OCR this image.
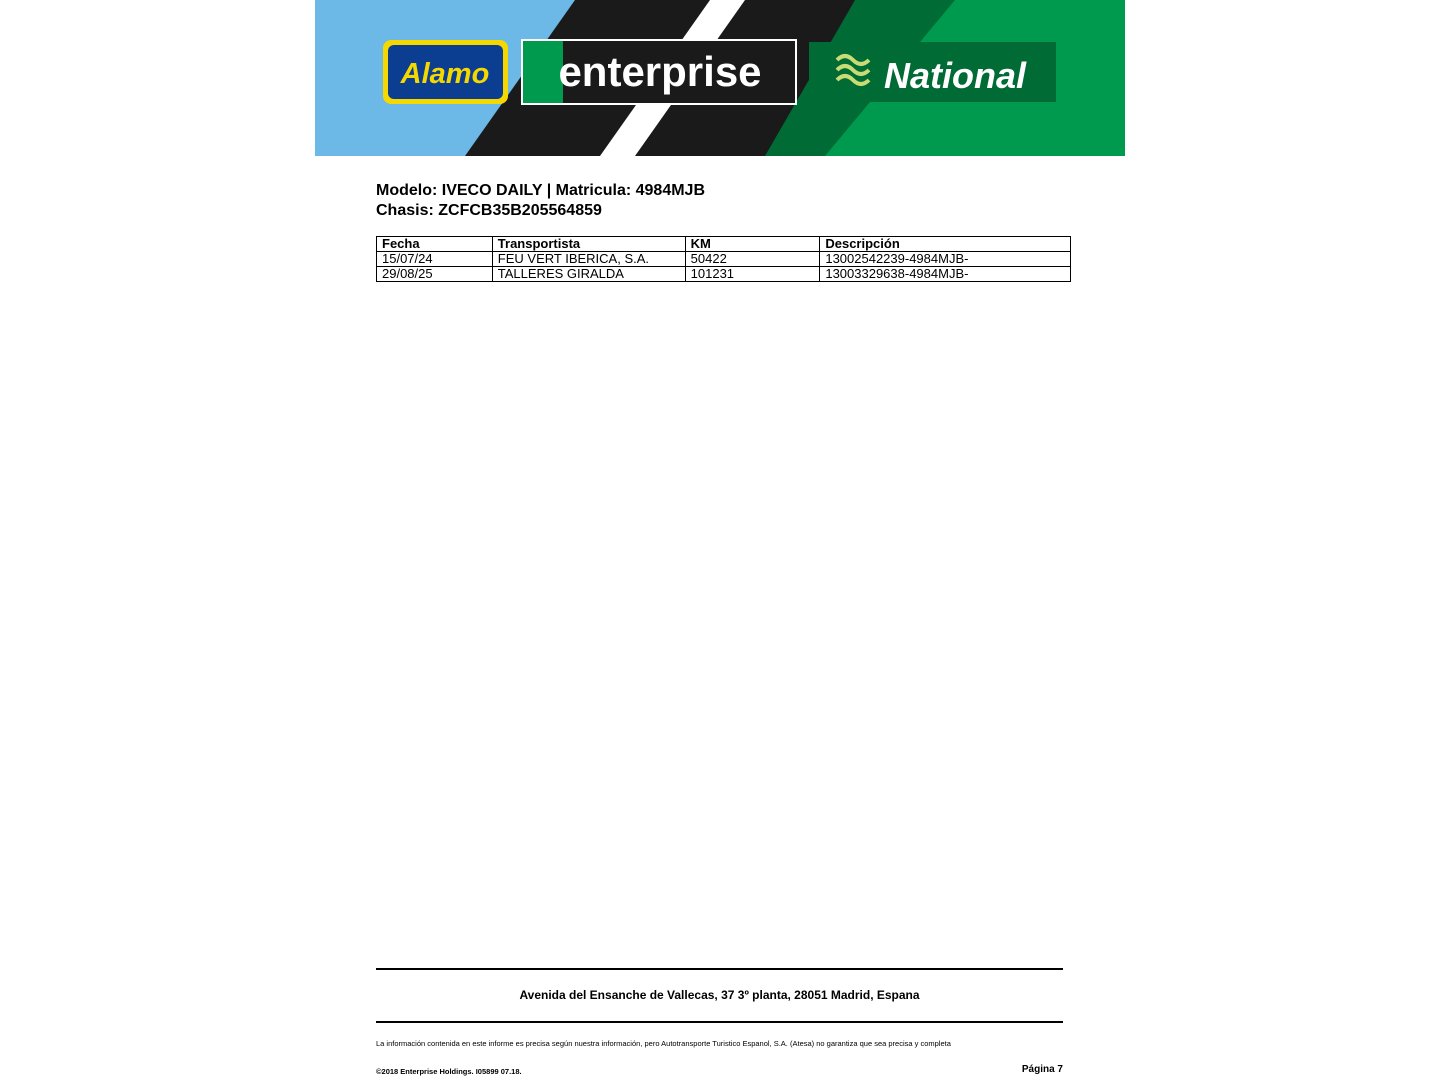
Alamo enterprise	National
Modelo: IVECO DAILY | Matricula: 4984MJB
Chasis: ZCFCB35B205564859
Fecha	Transportista	KM	Descripción
15/07/24	FEU VERT IBERICA, S.A.	50422	13002542239-4984MJB-
29/08/25	TALLERES GIRALDA	101231	13003329638-4984MJB-
Avenida del Ensanche de Vallecas, 37 3º planta, 28051 Madrid, Espana
La información contenida en este informe es precisa según nuestra información, pero Autotransporte Turistico Espanol, S.A. (Atesa) no garantiza que sea precisa y completa
©2018 Enterprise Holdings. I05899 07.18.	Página 7
